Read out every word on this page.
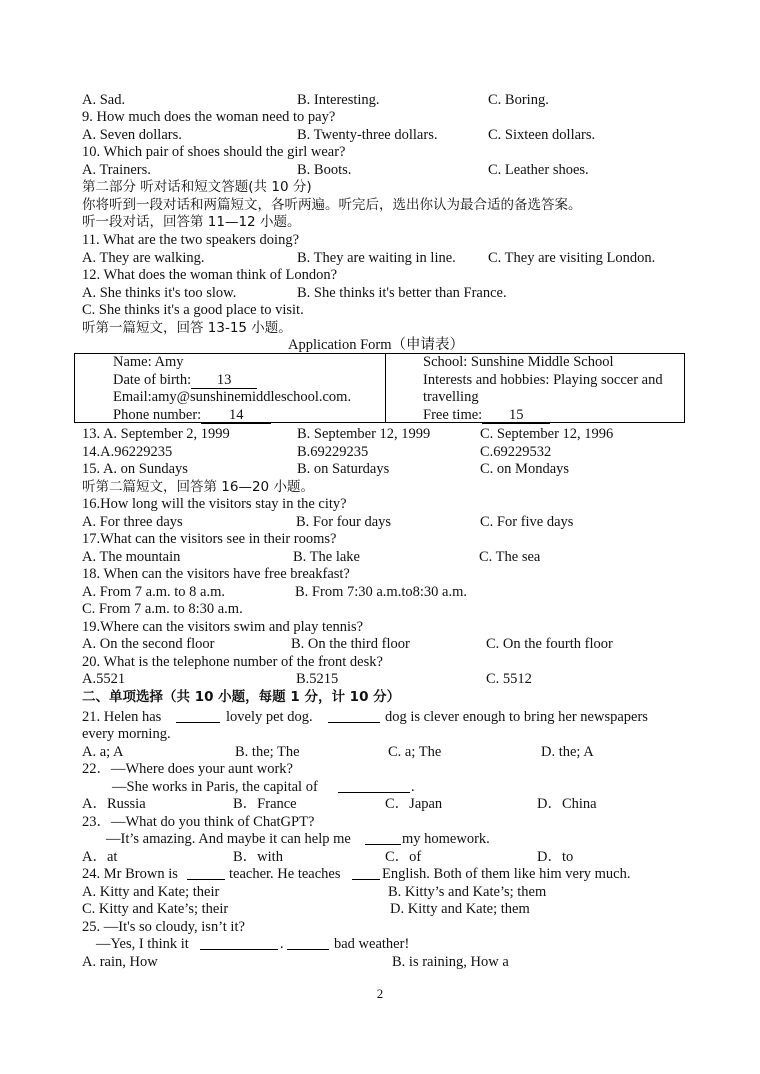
A. Sad.	B. Interesting.	C. Boring.
9. How much does the woman need to pay?
A. Seven dollars.	B. Twenty-three dollars.	C. Sixteen dollars.
10. Which pair of shoes should the girl wear?
A. Trainers.	B. Boots.	C. Leather shoes.
第二部分 听对话和短文答题(共 10 分)
你将听到一段对话和两篇短文，各听两遍。听完后，选出你认为最合适的备选答案。
听一段对话，回答第 11—12 小题。
11. What are the two speakers doing?
A. They are walking.	B. They are waiting in line. C. They are visiting London.
12. What does the woman think of London?
A. She thinks it's too slow.	B. She thinks it's better than France.
C. She thinks it's a good place to visit.
听第一篇短文，回答 13-15 小题。
Application Form（申请表）
Name: Amy
Date of birth: 13
Email:amy@sunshinemiddleschool.com.
Phone number: 14
School: Sunshine Middle School
Interests and hobbies: Playing soccer and
travelling
Free time: 15
13. A. September 2, 1999	B. September 12, 1999	C. September 12, 1996
14.A.96229235	B.69229235	C.69229532
15. A. on Sundays	B. on Saturdays	C. on Mondays
听第二篇短文，回答第 16—20 小题。
16.How long will the visitors stay in the city?
A. For three days	B. For four days	C. For five days
17.What can the visitors see in their rooms?
A. The mountain	B. The lake	C. The sea
18. When can the visitors have free breakfast?
A. From 7 a.m. to 8 a.m.	B. From 7:30 a.m.to8:30 a.m.
C. From 7 a.m. to 8:30 a.m.
19.Where can the visitors swim and play tennis?
A. On the second floor	B. On the third floor	C. On the fourth floor
20. What is the telephone number of the front desk?
A.5521	B.5215	C. 5512
二、单项选择（共 10 小题，每题 1 分，计 10 分）
21. Helen has	lovely pet dog.	dog is clever enough to bring her newspapers
every morning.
A. a; A	B. the; The	C. a; The	D. the; A
22．—Where does your aunt work?
—She works in Paris, the capital of	.
A．Russia	B．France	C．Japan	D．China
23．—What do you think of ChatGPT?
—It’s amazing. And maybe it can help me	my homework.
A．at	B．with	C．of	D．to
24. Mr Brown is	teacher. He teaches	English. Both of them like him very much.
A. Kitty and Kate; their	B. Kitty’s and Kate’s; them
C. Kitty and Kate’s; their	D. Kitty and Kate; them
25. —It's so cloudy, isn’t it?
—Yes, I think it	.	bad weather!
A. rain, How	B. is raining, How a
2
